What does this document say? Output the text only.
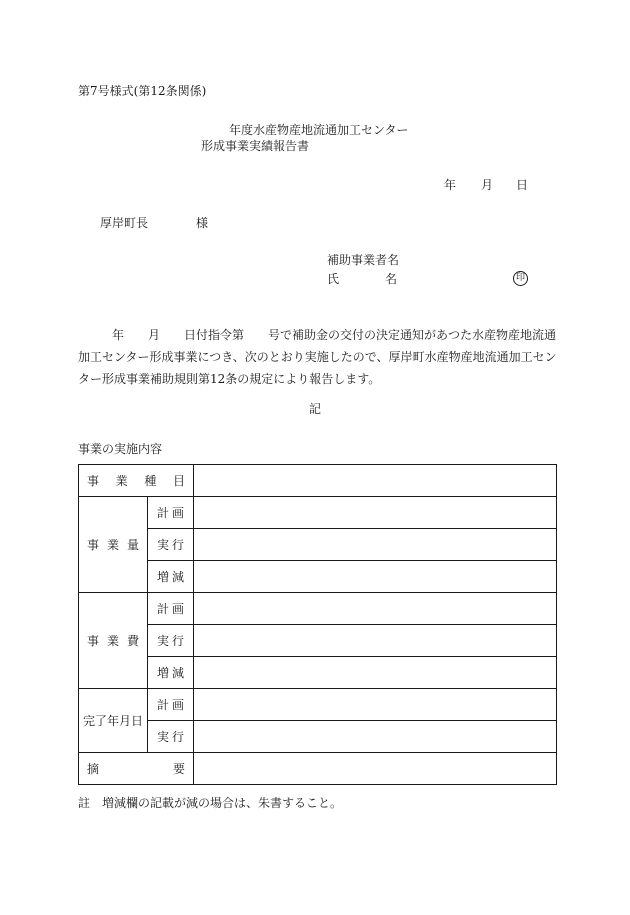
第7号様式(第12条関係)
年度水産物産地流通加工センター
形成事業実績報告書
年 月 日
厚岸町長	様
補助事業者名
氏	名	印
年　　月　　日付指令第　　号で補助金の交付の決定通知があつた水産物産地流通
加工センター形成事業につき、次のとおり実施したので、厚岸町水産物産地流通加工セン
ター形成事業補助規則第12条の規定により報告します。
記
事業の実施内容
事 業 種 目		

事 業 量	計 画	

	実 行	

	増 減	

事 業 費	計 画	

	実 行	

	増 減	

完了年月日	計 画	

	実 行	

摘 要		

註　増減欄の記載が減の場合は、朱書すること。
